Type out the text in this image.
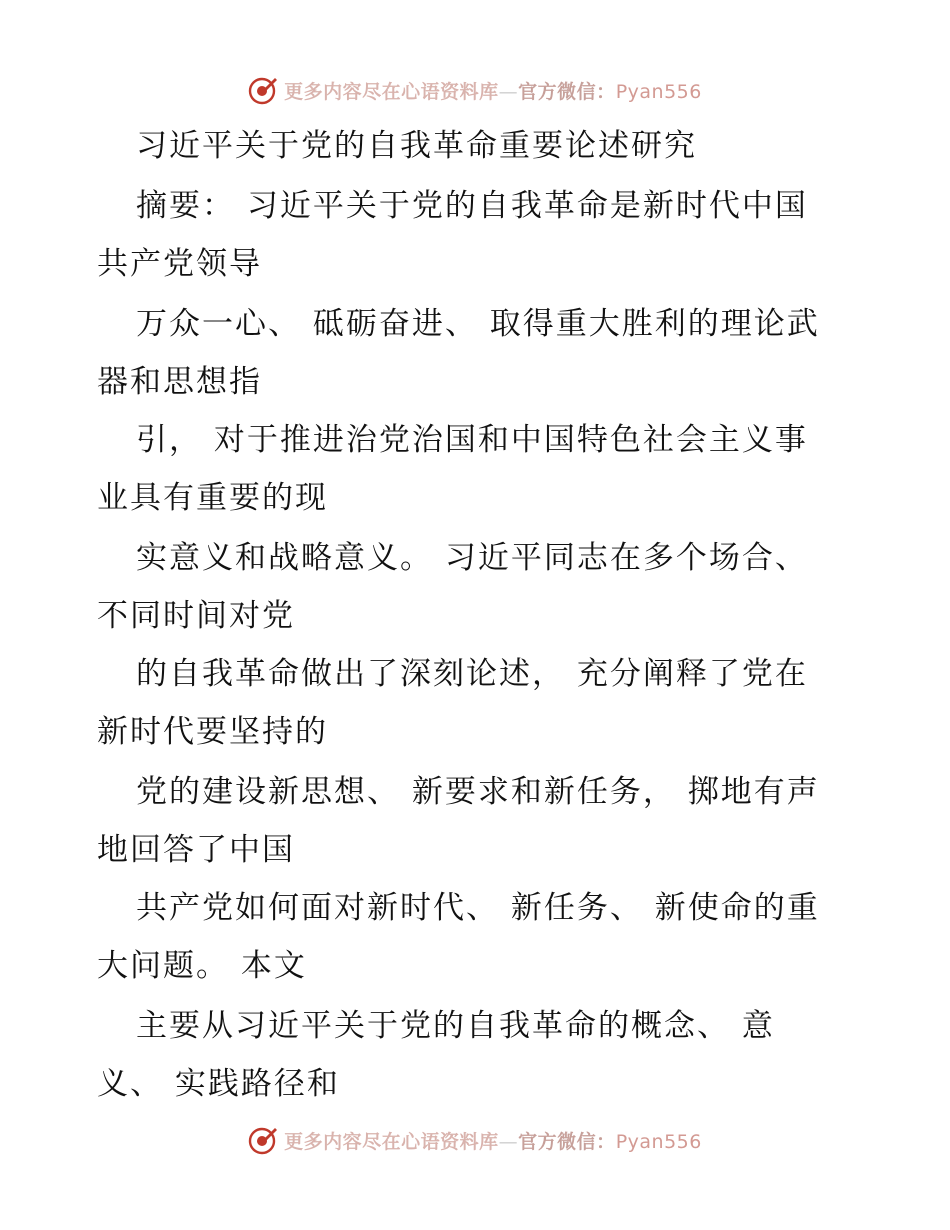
更多内容尽在心语资料库—官方微信：Pyan556
习近平关于党的自我革命重要论述研究
摘要： 习近平关于党的自我革命是新时代中国
共产党领导
万众一心、 砥砺奋进、 取得重大胜利的理论武
器和思想指
引， 对于推进治党治国和中国特色社会主义事
业具有重要的现
实意义和战略意义。 习近平同志在多个场合、
不同时间对党
的自我革命做出了深刻论述， 充分阐释了党在
新时代要坚持的
党的建设新思想、 新要求和新任务， 掷地有声
地回答了中国
共产党如何面对新时代、 新任务、 新使命的重
大问题。 本文
主要从习近平关于党的自我革命的概念、 意
义、 实践路径和
更多内容尽在心语资料库—官方微信：Pyan556
